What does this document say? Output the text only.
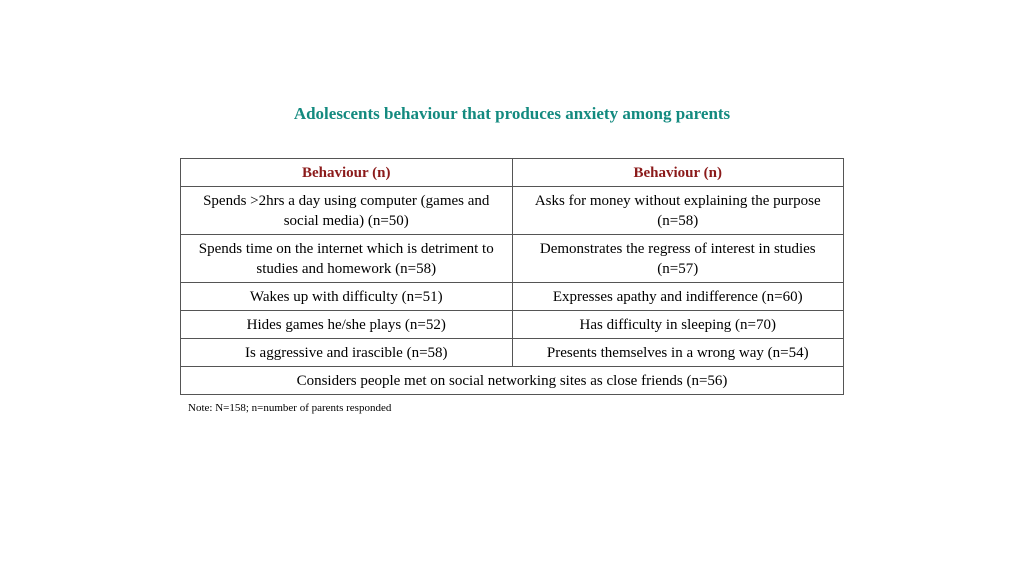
Adolescents behaviour that produces anxiety among parents
Behaviour (n)	Behaviour (n)
Spends >2hrs a day using computer (games and social media) (n=50)	Asks for money without explaining the purpose (n=58)
Spends time on the internet which is detriment to studies and homework (n=58)	Demonstrates the regress of interest in studies (n=57)
Wakes up with difficulty (n=51)	Expresses apathy and indifference (n=60)
Hides games he/she plays (n=52)	Has difficulty in sleeping (n=70)
Is aggressive and irascible (n=58)	Presents themselves in a wrong way (n=54)
Considers people met on social networking sites as close friends (n=56)	
Note: N=158; n=number of parents responded
